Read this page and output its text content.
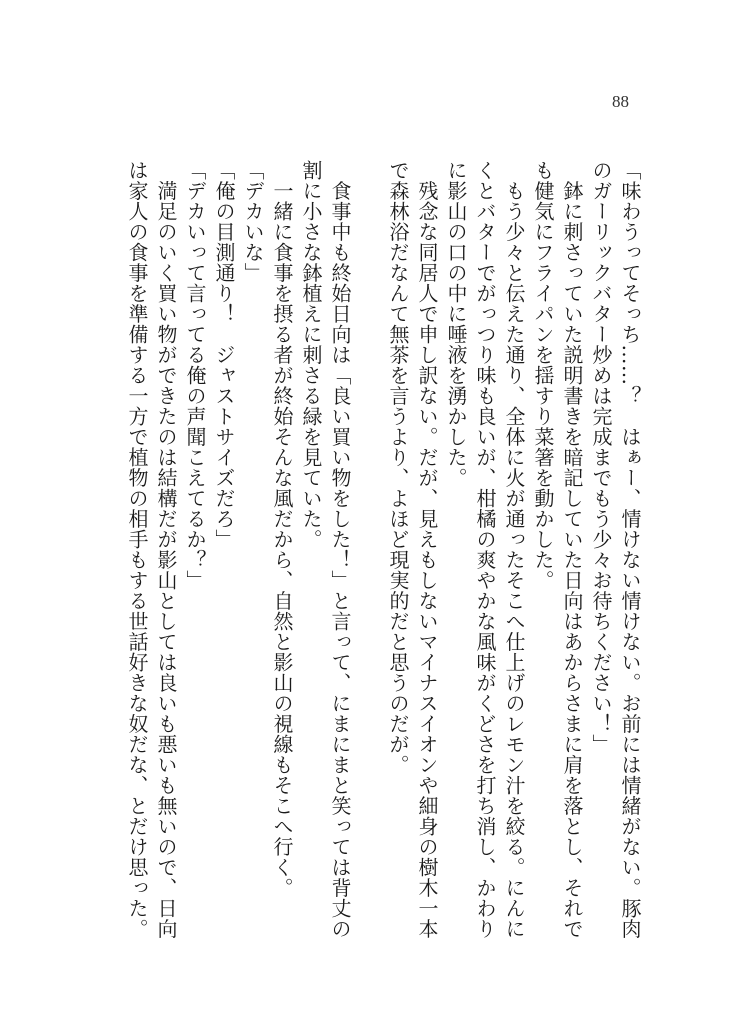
88

「味わうってそっち……？　はぁー、情けない情けない。お前には情緒がない。豚肉のガーリックバター炒めは完成までもう少々お待ちください！」

　鉢に刺さっていた説明書きを暗記していた日向はあからさまに肩を落とし、それでも健気にフライパンを揺すり菜箸を動かした。

　もう少々と伝えた通り、全体に火が通ったそこへ仕上げのレモン汁を絞る。にんにくとバターでがっつり味も良いが、柑橘の爽やかな風味がくどさを打ち消し、かわりに影山の口の中に唾液を湧かした。

　残念な同居人で申し訳ない。だが、見えもしないマイナスイオンや細身の樹木一本で森林浴だなんて無茶を言うより、よほど現実的だと思うのだが。

　食事中も終始日向は「良い買い物をした！」と言って、にまにまと笑っては背丈の割に小さな鉢植えに刺さる緑を見ていた。

　一緒に食事を摂る者が終始そんな風だから、自然と影山の視線もそこへ行く。

「デカいな」

「俺の目測通り！　ジャストサイズだろ」

「デカいって言ってる俺の声聞こえてるか？」

　満足のいく買い物ができたのは結構だが影山としては良いも悪いも無いので、日向は家人の食事を準備する一方で植物の相手もする世話好きな奴だな、とだけ思った。
